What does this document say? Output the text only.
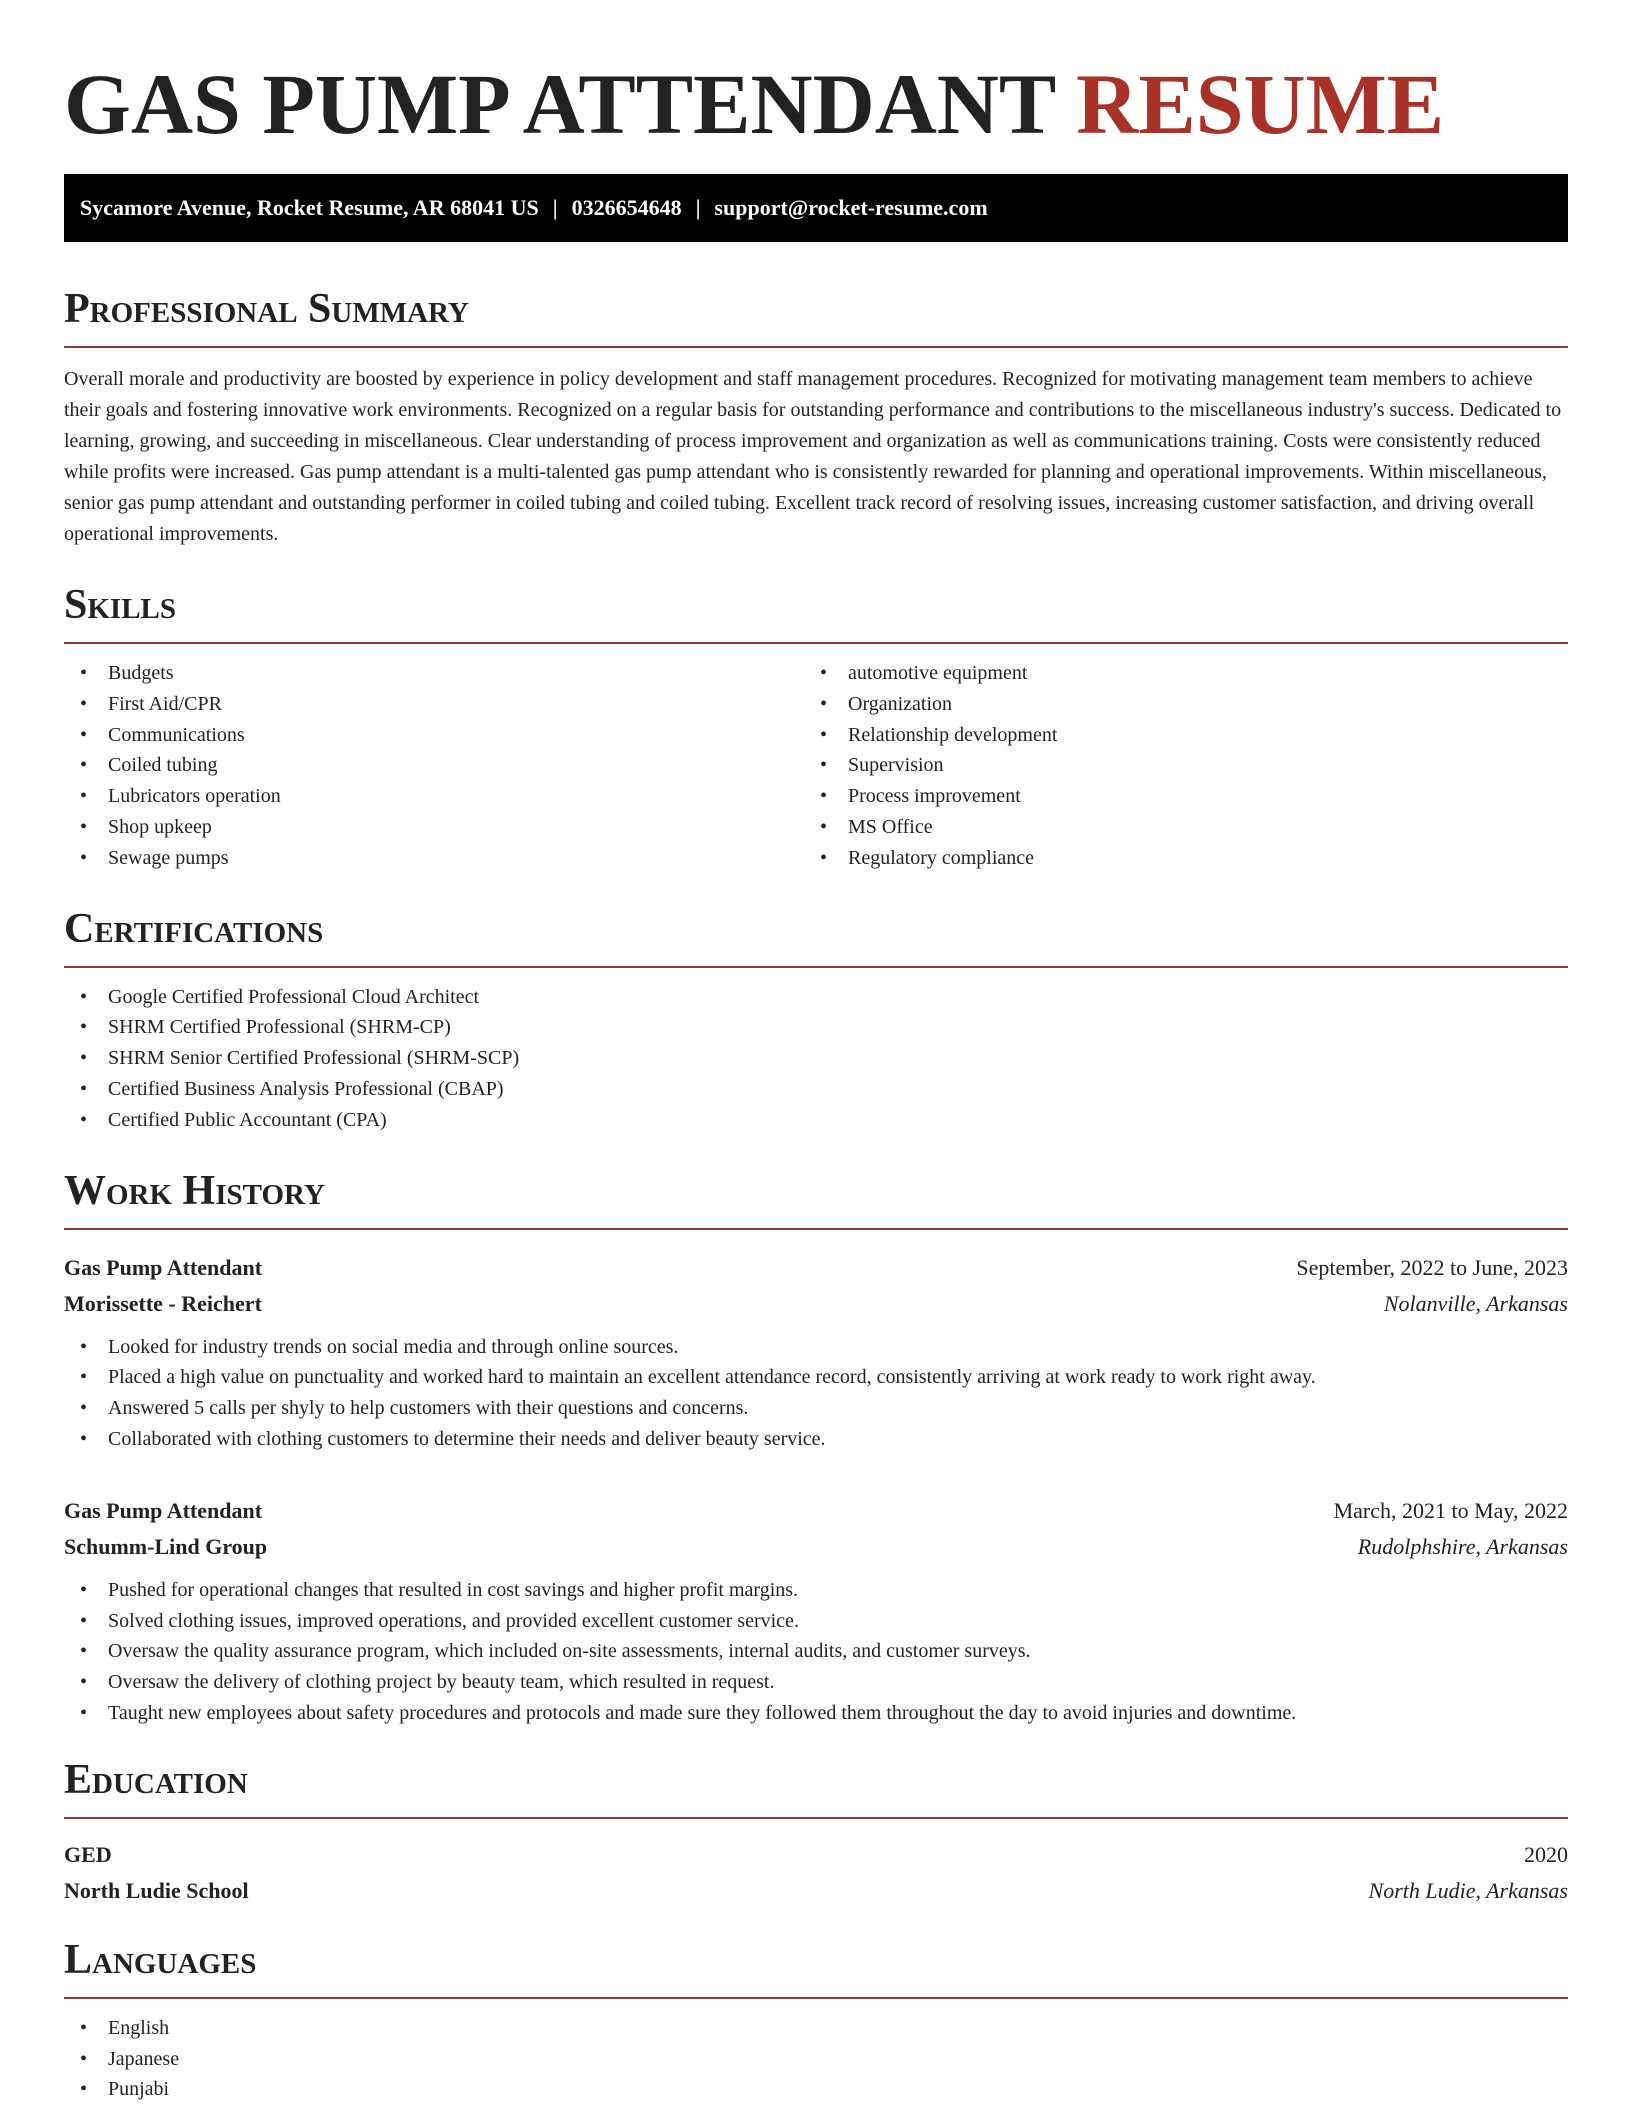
GAS PUMP ATTENDANT RESUME
Sycamore Avenue, Rocket Resume, AR 68041 US | 0326654648 | support@rocket-resume.com
Professional Summary

Overall morale and productivity are boosted by experience in policy development and staff management procedures. Recognized for motivating management team members to achieve their goals and fostering innovative work environments. Recognized on a regular basis for outstanding performance and contributions to the miscellaneous industry's success. Dedicated to learning, growing, and succeeding in miscellaneous. Clear understanding of process improvement and organization as well as communications training. Costs were consistently reduced while profits were increased. Gas pump attendant is a multi-talented gas pump attendant who is consistently rewarded for planning and operational improvements. Within miscellaneous, senior gas pump attendant and outstanding performer in coiled tubing and coiled tubing. Excellent track record of resolving issues, increasing customer satisfaction, and driving overall operational improvements.

Skills
• Budgets
• First Aid/CPR
• Communications
• Coiled tubing
• Lubricators operation
• Shop upkeep
• Sewage pumps
• automotive equipment
• Organization
• Relationship development
• Supervision
• Process improvement
• MS Office
• Regulatory compliance
Certifications
• Google Certified Professional Cloud Architect
• SHRM Certified Professional (SHRM-CP)
• SHRM Senior Certified Professional (SHRM-SCP)
• Certified Business Analysis Professional (CBAP)
• Certified Public Accountant (CPA)
Work History
Gas Pump Attendant	September, 2022 to June, 2023
Morissette - Reichert	Nolanville, Arkansas
• Looked for industry trends on social media and through online sources.
• Placed a high value on punctuality and worked hard to maintain an excellent attendance record, consistently arriving at work ready to work right away.
• Answered 5 calls per shyly to help customers with their questions and concerns.
• Collaborated with clothing customers to determine their needs and deliver beauty service.
Gas Pump Attendant	March, 2021 to May, 2022
Schumm-Lind Group	Rudolphshire, Arkansas
• Pushed for operational changes that resulted in cost savings and higher profit margins.
• Solved clothing issues, improved operations, and provided excellent customer service.
• Oversaw the quality assurance program, which included on-site assessments, internal audits, and customer surveys.
• Oversaw the delivery of clothing project by beauty team, which resulted in request.
• Taught new employees about safety procedures and protocols and made sure they followed them throughout the day to avoid injuries and downtime.
Education
GED	2020
North Ludie School	North Ludie, Arkansas
Languages
• English
• Japanese
• Punjabi
